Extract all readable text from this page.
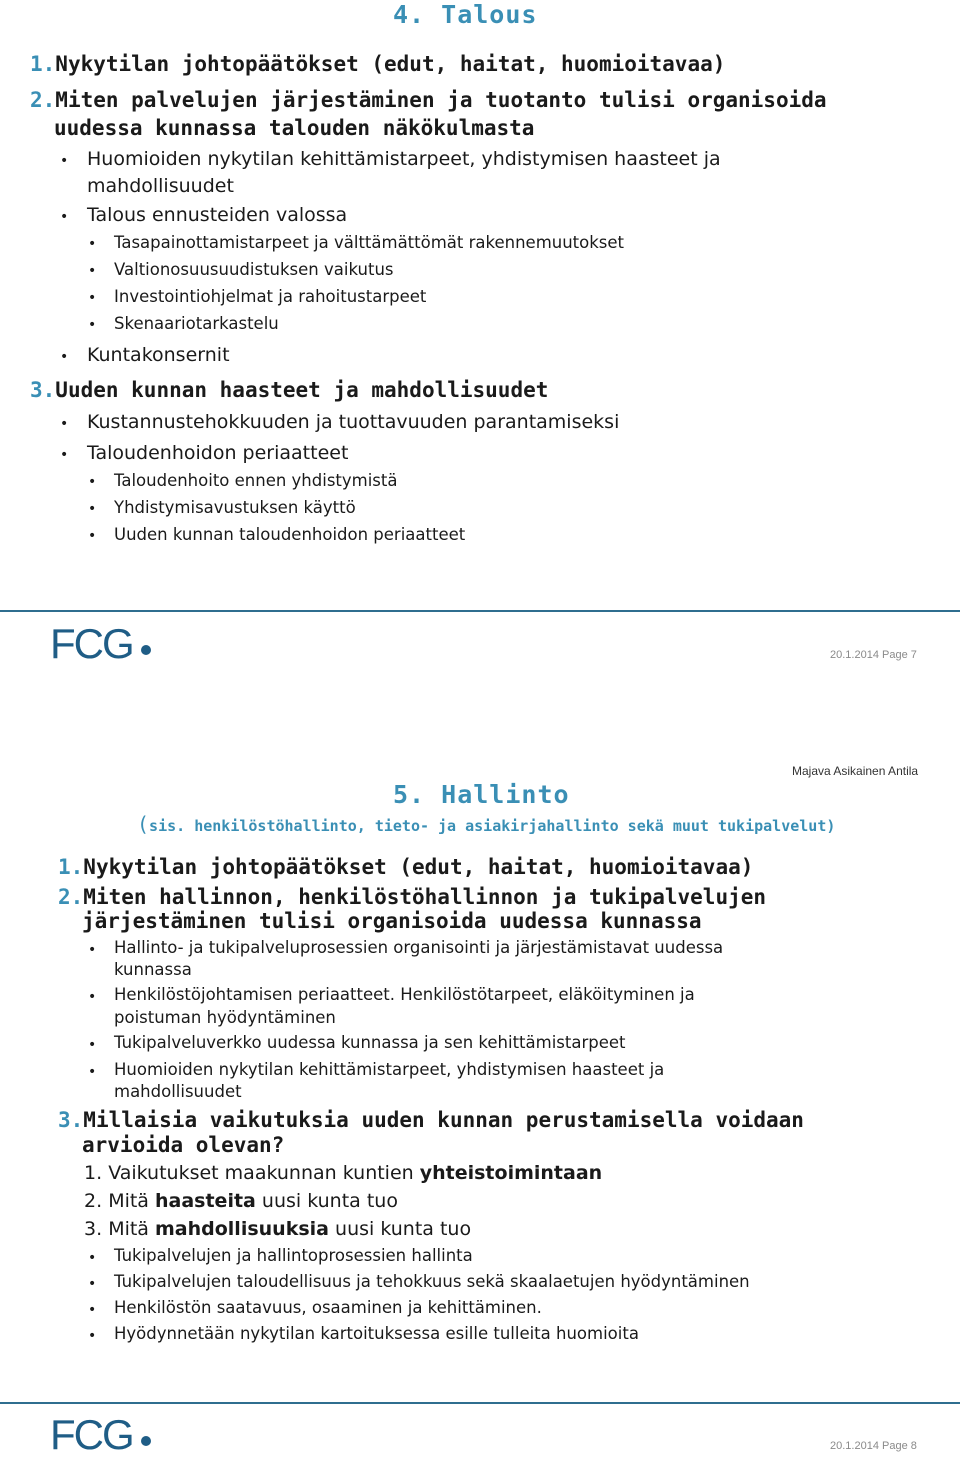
4. Talous
1.Nykytilan johtopäätökset (edut, haitat, huomioitavaa)
2.Miten palvelujen järjestäminen ja tuotanto tulisi organisoida
uudessa kunnassa talouden näkökulmasta
• Huomioiden nykytilan kehittämistarpeet, yhdistymisen haasteet ja
mahdollisuudet
• Talous ennusteiden valossa
• Tasapainottamistarpeet ja välttämättömät rakennemuutokset
• Valtionosuusuudistuksen vaikutus
• Investointiohjelmat ja rahoitustarpeet
• Skenaariotarkastelu
• Kuntakonsernit
3.Uuden kunnan haasteet ja mahdollisuudet
• Kustannustehokkuuden ja tuottavuuden parantamiseksi
• Taloudenhoidon periaatteet
• Taloudenhoito ennen yhdistymistä
• Yhdistymisavustuksen käyttö
• Uuden kunnan taloudenhoidon periaatteet
FCG	20.1.2014 Page 7
Majava Asikainen Antila
5. Hallinto
(sis. henkilöstöhallinto, tieto- ja asiakirjahallinto sekä muut tukipalvelut)
1.Nykytilan johtopäätökset (edut, haitat, huomioitavaa)
2.Miten hallinnon, henkilöstöhallinnon ja tukipalvelujen
järjestäminen tulisi organisoida uudessa kunnassa
• Hallinto- ja tukipalveluprosessien organisointi ja järjestämistavat uudessa
kunnassa
• Henkilöstöjohtamisen periaatteet. Henkilöstötarpeet, eläköityminen ja
poistuman hyödyntäminen
• Tukipalveluverkko uudessa kunnassa ja sen kehittämistarpeet
• Huomioiden nykytilan kehittämistarpeet, yhdistymisen haasteet ja
mahdollisuudet
3.Millaisia vaikutuksia uuden kunnan perustamisella voidaan
arvioida olevan?
1. Vaikutukset maakunnan kuntien yhteistoimintaan
2. Mitä haasteita uusi kunta tuo
3. Mitä mahdollisuuksia uusi kunta tuo
• Tukipalvelujen ja hallintoprosessien hallinta
• Tukipalvelujen taloudellisuus ja tehokkuus sekä skaalaetujen hyödyntäminen
• Henkilöstön saatavuus, osaaminen ja kehittäminen.
• Hyödynnetään nykytilan kartoituksessa esille tulleita huomioita
FCG	20.1.2014 Page 8
